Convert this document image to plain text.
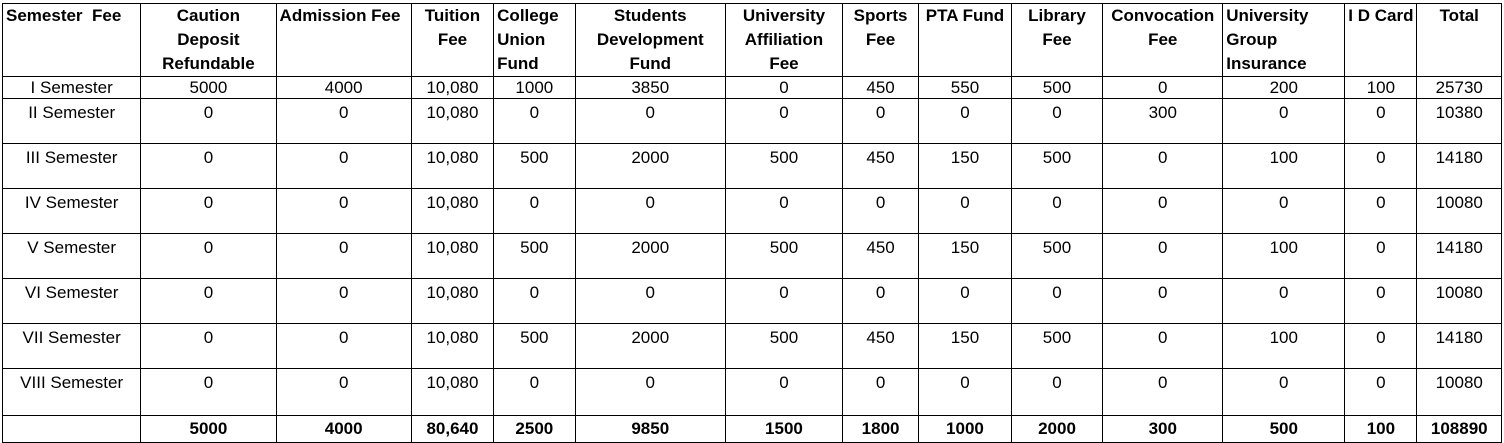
Semester  Fee	Caution Deposit Refundable	Admission Fee	Tuition Fee	College Union Fund	Students Development Fund	University Affiliation Fee	Sports Fee	PTA Fund	Library Fee	Convocation Fee	University Group Insurance	I D Card	Total
I Semester	5000	4000	10,080	1000	3850	0	450	550	500	0	200	100	25730
II Semester	0	0	10,080	0	0	0	0	0	0	300	0	0	10380
III Semester	0	0	10,080	500	2000	500	450	150	500	0	100	0	14180
IV Semester	0	0	10,080	0	0	0	0	0	0	0	0	0	10080
V Semester	0	0	10,080	500	2000	500	450	150	500	0	100	0	14180
VI Semester	0	0	10,080	0	0	0	0	0	0	0	0	0	10080
VII Semester	0	0	10,080	500	2000	500	450	150	500	0	100	0	14180
VIII Semester	0	0	10,080	0	0	0	0	0	0	0	0	0	10080
	5000	4000	80,640	2500	9850	1500	1800	1000	2000	300	500	100	108890
